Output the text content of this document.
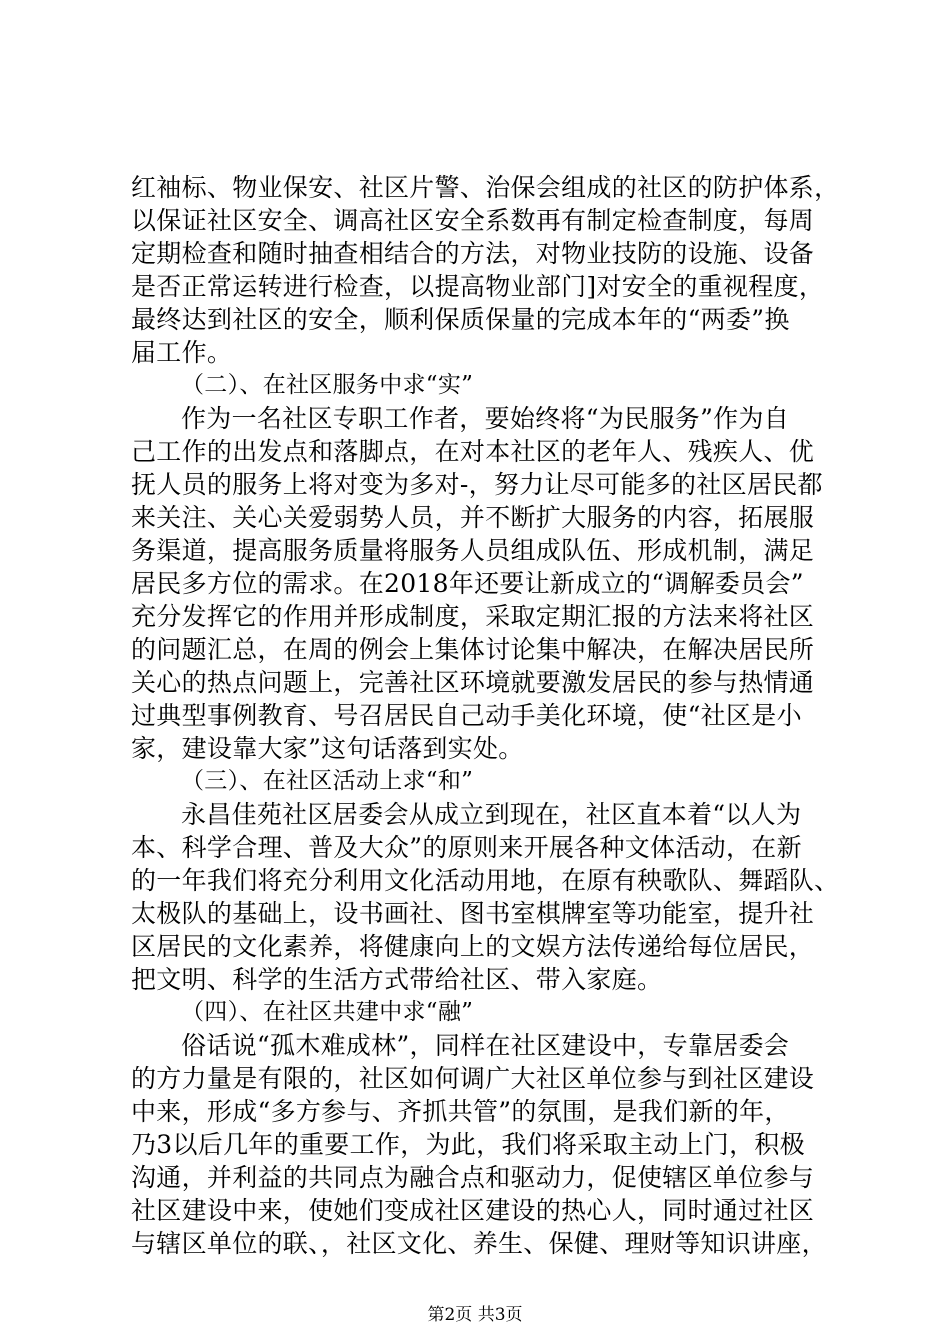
红袖标、物业保安、社区片警、治保会组成的社区的防护体系，
以保证社区安全、调高社区安全系数再有制定检查制度，每周
定期检查和随时抽查相结合的方法，对物业技防的设施、设备
是否正常运转进行检查，以提高物业部门]对安全的重视程度，
最终达到社区的安全，顺利保质保量的完成本年的“两委”换
届工作。
（二）、在社区服务中求“实”
作为一名社区专职工作者，要始终将“为民服务”作为自
己工作的出发点和落脚点，在对本社区的老年人、残疾人、优
抚人员的服务上将对变为多对-，努力让尽可能多的社区居民都
来关注、关心关爱弱势人员，并不断扩大服务的内容，拓展服
务渠道，提高服务质量将服务人员组成队伍、形成机制，满足
居民多方位的需求。在2018年还要让新成立的“调解委员会”
充分发挥它的作用并形成制度，采取定期汇报的方法来将社区
的问题汇总，在周的例会上集体讨论集中解决，在解决居民所
关心的热点问题上，完善社区环境就要激发居民的参与热情通
过典型事例教育、号召居民自己动手美化环境，使“社区是小
家，建设靠大家”这句话落到实处。
（三）、在社区活动上求“和”
永昌佳苑社区居委会从成立到现在，社区直本着“以人为
本、科学合理、普及大众”的原则来开展各种文体活动，在新
的一年我们将充分利用文化活动用地，在原有秧歌队、舞蹈队、
太极队的基础上，设书画社、图书室棋牌室等功能室，提升社
区居民的文化素养，将健康向上的文娱方法传递给每位居民，
把文明、科学的生活方式带给社区、带入家庭。
（四）、在社区共建中求“融”
俗话说“孤木难成林”，同样在社区建设中，专靠居委会
的方力量是有限的，社区如何调广大社区单位参与到社区建设
中来，形成“多方参与、齐抓共管”的氛围，是我们新的年，
乃3以后几年的重要工作，为此，我们将采取主动上门，积极
沟通，并利益的共同点为融合点和驱动力，促使辖区单位参与
社区建设中来，使她们变成社区建设的热心人，同时通过社区
与辖区单位的联、，社区文化、养生、保健、理财等知识讲座，
第2页 共3页
